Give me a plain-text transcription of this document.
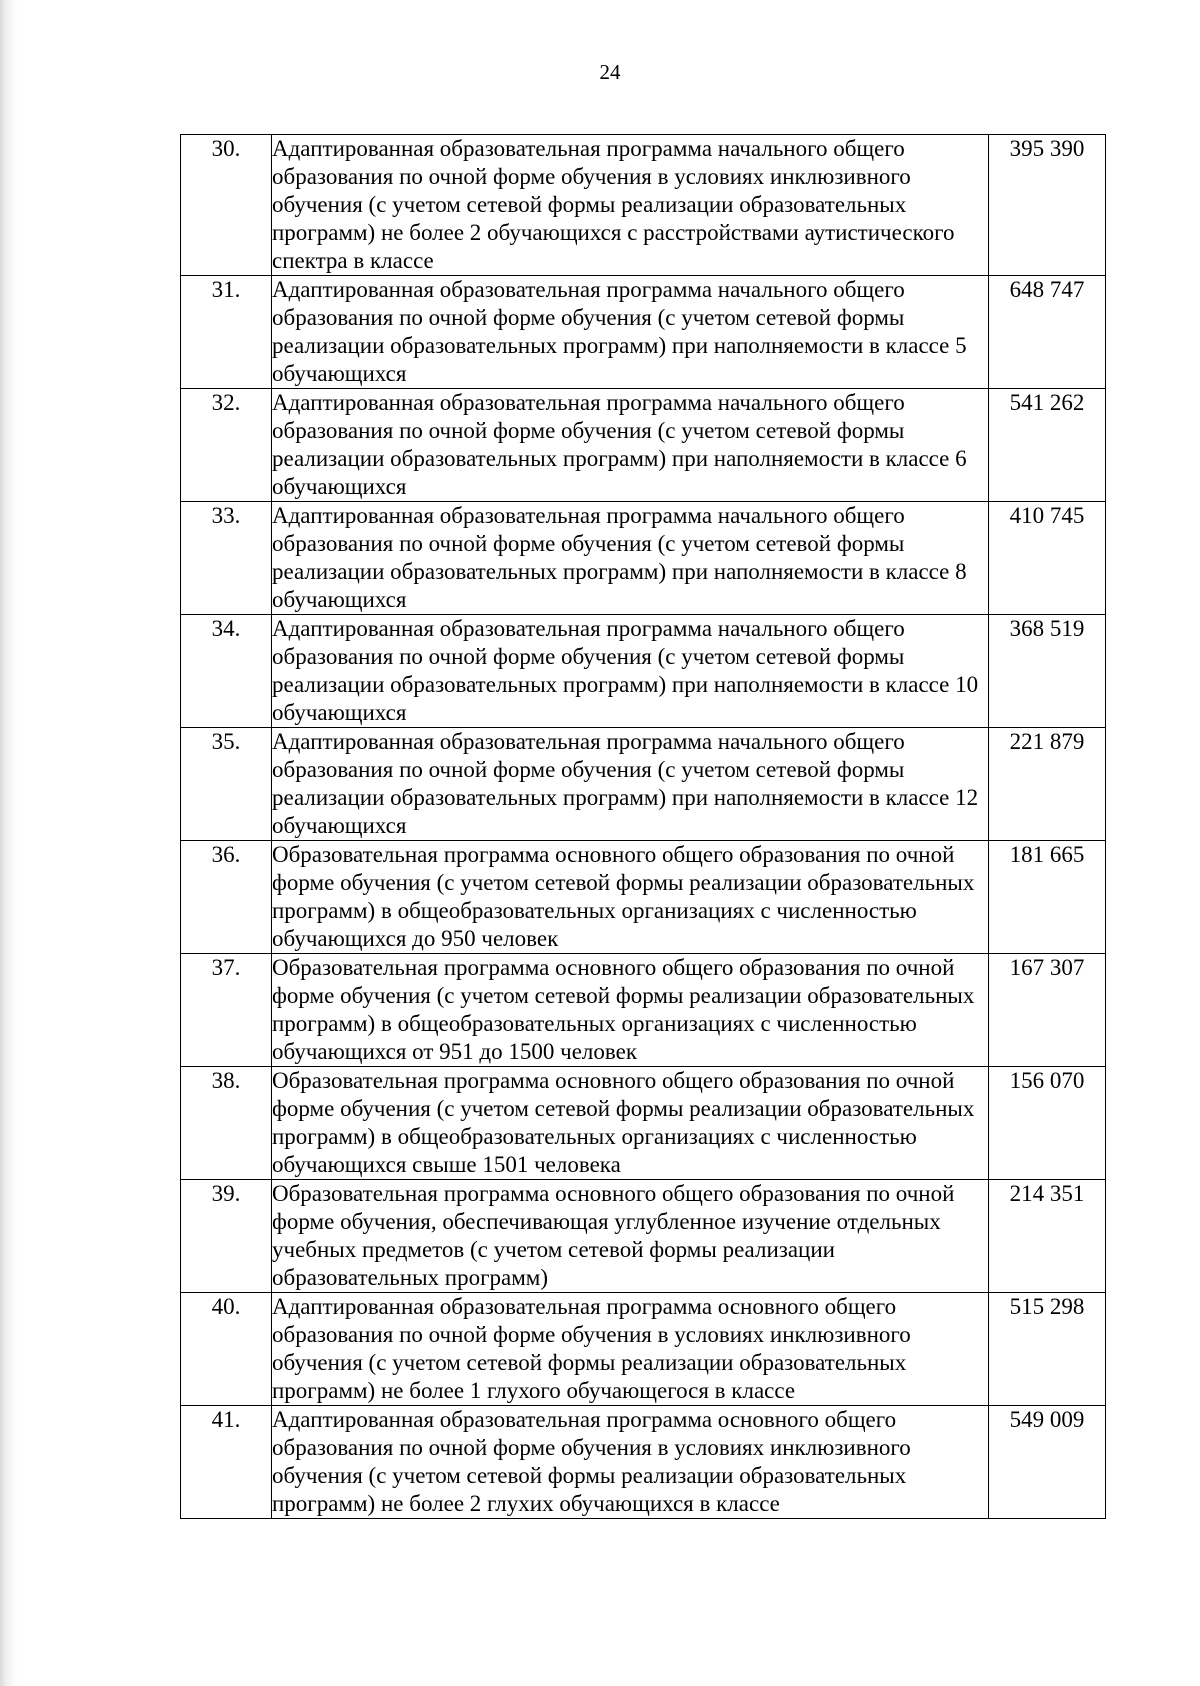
24
30.	Адаптированная образовательная программа начального общего образования по очной форме обучения в условиях инклюзивного обучения (с учетом сетевой формы реализации образовательных программ) не более 2 обучающихся с расстройствами аутистического спектра в классе	395 390
31.	Адаптированная образовательная программа начального общего образования по очной форме обучения (с учетом сетевой формы реализации образовательных программ) при наполняемости в классе 5 обучающихся	648 747
32.	Адаптированная образовательная программа начального общего образования по очной форме обучения (с учетом сетевой формы реализации образовательных программ) при наполняемости в классе 6 обучающихся	541 262
33.	Адаптированная образовательная программа начального общего образования по очной форме обучения (с учетом сетевой формы реализации образовательных программ) при наполняемости в классе 8 обучающихся	410 745
34.	Адаптированная образовательная программа начального общего образования по очной форме обучения (с учетом сетевой формы реализации образовательных программ) при наполняемости в классе 10 обучающихся	368 519
35.	Адаптированная образовательная программа начального общего образования по очной форме обучения (с учетом сетевой формы реализации образовательных программ) при наполняемости в классе 12 обучающихся	221 879
36.	Образовательная программа основного общего образования по очной форме обучения (с учетом сетевой формы реализации образовательных программ) в общеобразовательных организациях с численностью обучающихся до 950 человек	181 665
37.	Образовательная программа основного общего образования по очной форме обучения (с учетом сетевой формы реализации образовательных программ) в общеобразовательных организациях с численностью обучающихся от 951 до 1500 человек	167 307
38.	Образовательная программа основного общего образования по очной форме обучения (с учетом сетевой формы реализации образовательных программ) в общеобразовательных организациях с численностью обучающихся свыше 1501 человека	156 070
39.	Образовательная программа основного общего образования по очной форме обучения, обеспечивающая углубленное изучение отдельных учебных предметов (с учетом сетевой формы реализации образовательных программ)	214 351
40.	Адаптированная образовательная программа основного общего образования по очной форме обучения в условиях инклюзивного обучения (с учетом сетевой формы реализации образовательных программ) не более 1 глухого обучающегося в классе	515 298
41.	Адаптированная образовательная программа основного общего образования по очной форме обучения в условиях инклюзивного обучения (с учетом сетевой формы реализации образовательных программ) не более 2 глухих обучающихся в классе	549 009
